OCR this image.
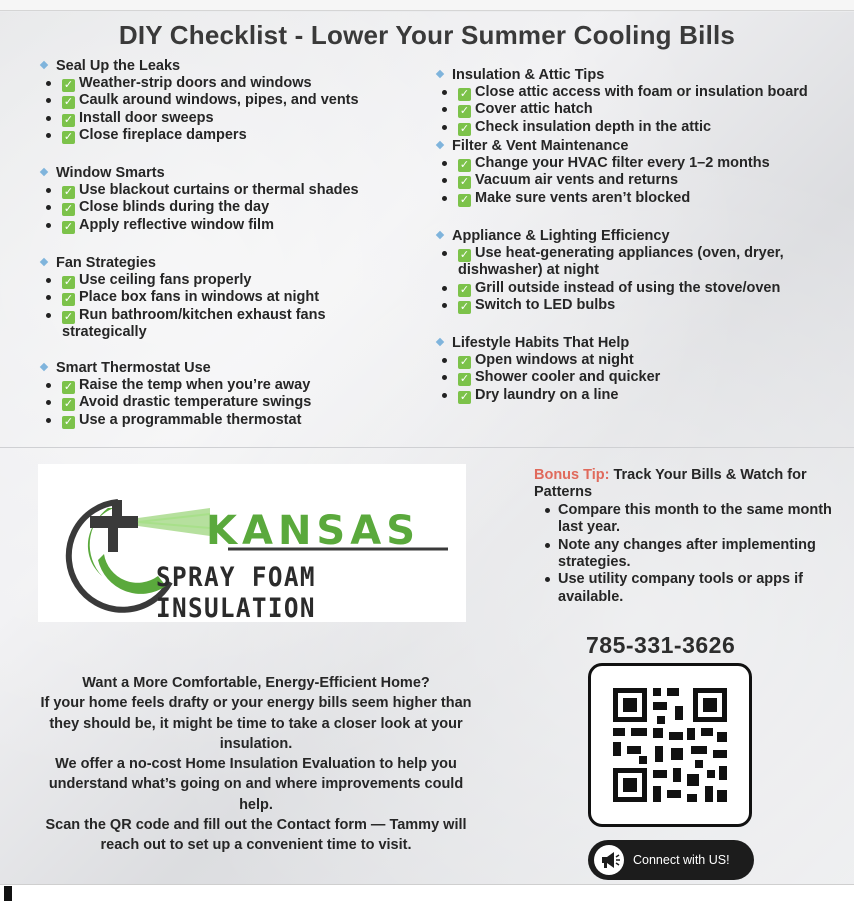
DIY Checklist - Lower Your Summer Cooling Bills
Seal Up the Leaks
✓ Weather-strip doors and windows
✓ Caulk around windows, pipes, and vents
✓ Install door sweeps
✓ Close fireplace dampers
Window Smarts
✓ Use blackout curtains or thermal shades
✓ Close blinds during the day
✓ Apply reflective window film
Fan Strategies
✓ Use ceiling fans properly
✓ Place box fans in windows at night
✓ Run bathroom/kitchen exhaust fans strategically
Smart Thermostat Use
✓ Raise the temp when you’re away
✓ Avoid drastic temperature swings
✓ Use a programmable thermostat
Insulation & Attic Tips
✓ Close attic access with foam or insulation board
✓ Cover attic hatch
✓ Check insulation depth in the attic
Filter & Vent Maintenance
✓ Change your HVAC filter every 1–2 months
✓ Vacuum air vents and returns
✓ Make sure vents aren’t blocked
Appliance & Lighting Efficiency
✓ Use heat-generating appliances (oven, dryer, dishwasher) at night
✓ Grill outside instead of using the stove/oven
✓ Switch to LED bulbs
Lifestyle Habits That Help
✓ Open windows at night
✓ Shower cooler and quicker
✓ Dry laundry on a line
KANSAS
SPRAY FOAM INSULATION
Bonus Tip: Track Your Bills & Watch for Patterns
Compare this month to the same month last year.
Note any changes after implementing strategies.
Use utility company tools or apps if available.
785-331-3626
Connect with US!
Want a More Comfortable, Energy-Efficient Home?
If your home feels drafty or your energy bills seem higher than they should be, it might be time to take a closer look at your insulation.
We offer a no-cost Home Insulation Evaluation to help you understand what’s going on and where improvements could help.
Scan the QR code and fill out the Contact form — Tammy will reach out to set up a convenient time to visit.
